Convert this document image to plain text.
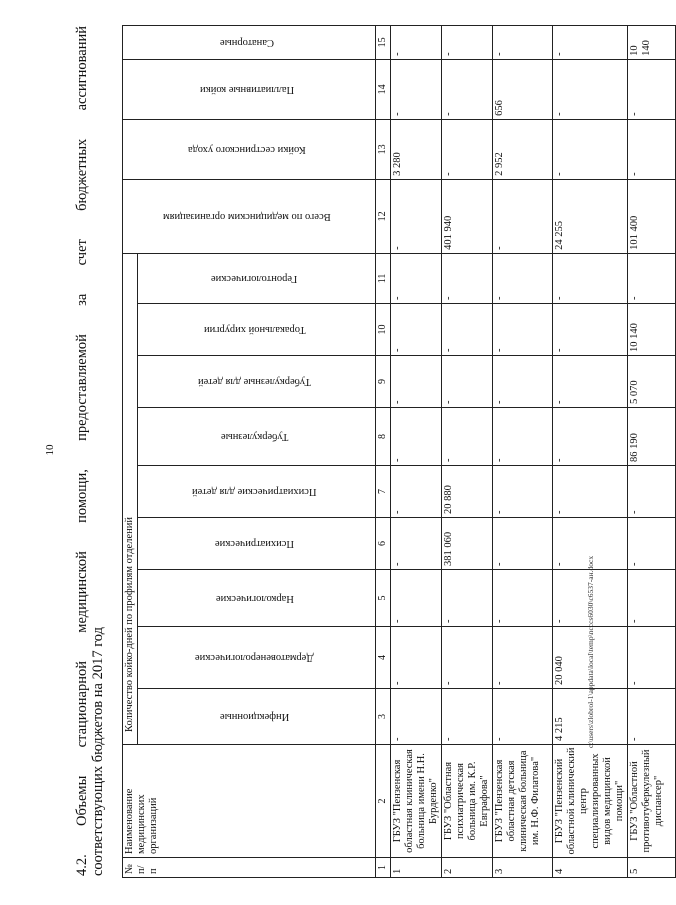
10
c:\users\zlobrol-1\appdata\local\temp\ncccs6030\c6537-ан.docx
4.2.
Объемы
стационарной
медицинской
помощи,
предоставляемой
за
счет
бюджетных
ассигнований
соответствующих бюджетов на 2017 год № п/п	Наименование медицинских организаций	Количество койко-дней по профилям отделений									Всего по медицинским организациям	Койки сестринского ухода	Паллиативные койки	Санаторные
		Инфекционные	Дерматовенерологические	Наркологические	Психиатрические	Психиатрические для детей	Туберкулезные	Туберкулезные для детей	Торакальной хирургии	Геронтологические				
1	2	3	4	5	6	7	8	9	10	11	12	13	14	15
1	ГБУЗ "Пензенская областная клиническая больница имени Н.Н. Бурденко"	-	-	-	-	-	-	-	-	-	-	3 280	-	-
2	ГБУЗ "Областная психиатрическая больница им. К.Р. Евграфова"	-	-	-	381 060	20 880	-	-	-	-	401 940	-	-	-
3	ГБУЗ "Пензенская областная детская клиническая больница им. Н.Ф. Филатова"	-	-	-	-	-	-	-	-	-	-	2 952	656	-
4	ГБУЗ "Пензенский областной клинический центр специализированных видов медицинской помощи"	4 215	20 040	-	-	-	-	-	-	-	24 255	-	-	-
5	ГБУЗ "Областной противотуберкулезный диспансер"	-	-	-	-	-	86 190	5 070	10 140	-	101 400	-	-	10 140
